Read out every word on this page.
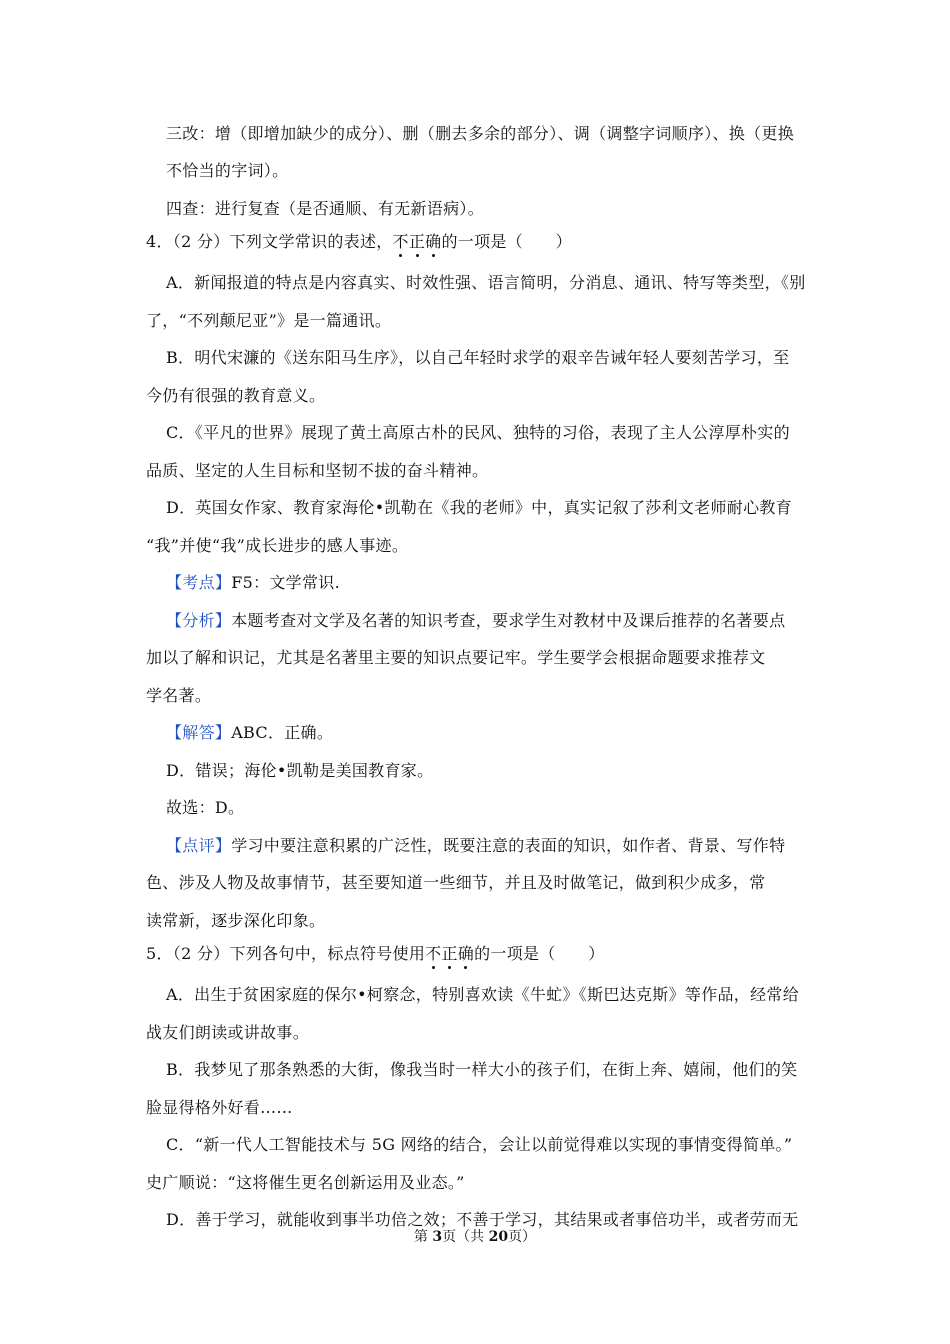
三改：增（即增加缺少的成分）、删（删去多余的部分）、调（调整字词顺序）、换（更换
不恰当的字词）。
四查：进行复查（是否通顺、有无新语病）。
4．（2 分）下列文学常识的表述，不正确的一项是（　　）
A．新闻报道的特点是内容真实、时效性强、语言简明，分消息、通讯、特写等类型，《别
了，“不列颠尼亚”》是一篇通讯。
B．明代宋濂的《送东阳马生序》，以自己年轻时求学的艰辛告诫年轻人要刻苦学习，至
今仍有很强的教育意义。
C．《平凡的世界》展现了黄土高原古朴的民风、独特的习俗，表现了主人公淳厚朴实的
品质、坚定的人生目标和坚韧不拔的奋斗精神。
D．英国女作家、教育家海伦•凯勒在《我的老师》中，真实记叙了莎利文老师耐心教育
“我”并使“我”成长进步的感人事迹。
【考点】F5：文学常识.
【分析】本题考查对文学及名著的知识考查，要求学生对教材中及课后推荐的名著要点
加以了解和识记，尤其是名著里主要的知识点要记牢。学生要学会根据命题要求推荐文
学名著。
【解答】ABC．正确。
D．错误；海伦•凯勒是美国教育家。
故选：D。
【点评】学习中要注意积累的广泛性，既要注意的表面的知识，如作者、背景、写作特
色、涉及人物及故事情节，甚至要知道一些细节，并且及时做笔记，做到积少成多，常
读常新，逐步深化印象。
5．（2 分）下列各句中，标点符号使用不正确的一项是（　　）
A．出生于贫困家庭的保尔•柯察念，特别喜欢读《牛虻》《斯巴达克斯》等作品，经常给
战友们朗读或讲故事。
B．我梦见了那条熟悉的大街，像我当时一样大小的孩子们，在街上奔、嬉闹，他们的笑
脸显得格外好看……
C．“新一代人工智能技术与 5G 网络的结合，会让以前觉得难以实现的事情变得简单。”
史广顺说：“这将催生更名创新运用及业态。”
D．善于学习，就能收到事半功倍之效；不善于学习，其结果或者事倍功半，或者劳而无
第 3页（共 20页）
